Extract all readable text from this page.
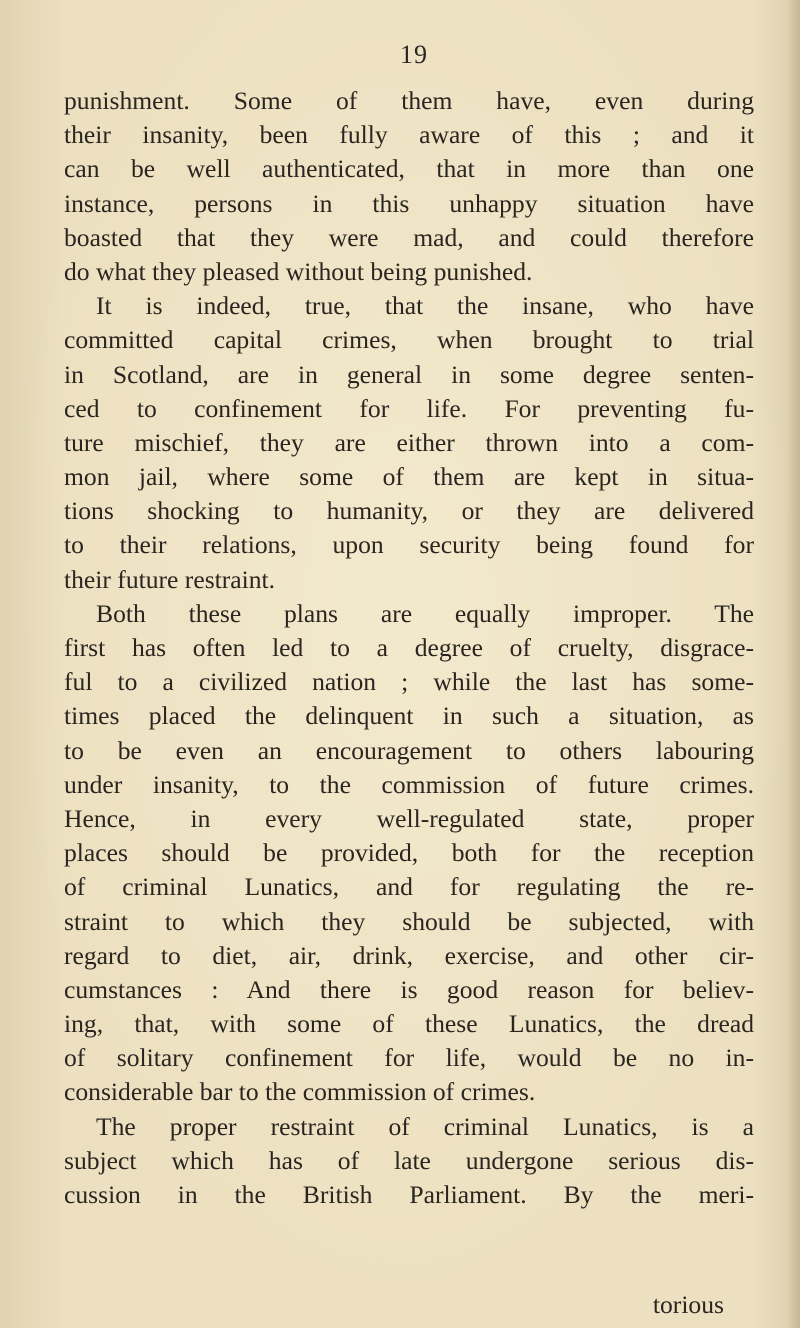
19
punishment. Some of them have, even during
their insanity, been fully aware of this ; and it
can be well authenticated, that in more than one
instance, persons in this unhappy situation have
boasted that they were mad, and could therefore
do what they pleased without being punished.
It is indeed, true, that the insane, who have
committed capital crimes, when brought to trial
in Scotland, are in general in some degree senten-
ced to confinement for life. For preventing fu-
ture mischief, they are either thrown into a com-
mon jail, where some of them are kept in situa-
tions shocking to humanity, or they are delivered
to their relations, upon security being found for
their future restraint.
Both these plans are equally improper. The
first has often led to a degree of cruelty, disgrace-
ful to a civilized nation ; while the last has some-
times placed the delinquent in such a situation, as
to be even an encouragement to others labouring
under insanity, to the commission of future crimes.
Hence, in every well-regulated state, proper
places should be provided, both for the reception
of criminal Lunatics, and for regulating the re-
straint to which they should be subjected, with
regard to diet, air, drink, exercise, and other cir-
cumstances : And there is good reason for believ-
ing, that, with some of these Lunatics, the dread
of solitary confinement for life, would be no in-
considerable bar to the commission of crimes.
The proper restraint of criminal Lunatics, is a
subject which has of late undergone serious dis-
cussion in the British Parliament. By the meri-
torious
